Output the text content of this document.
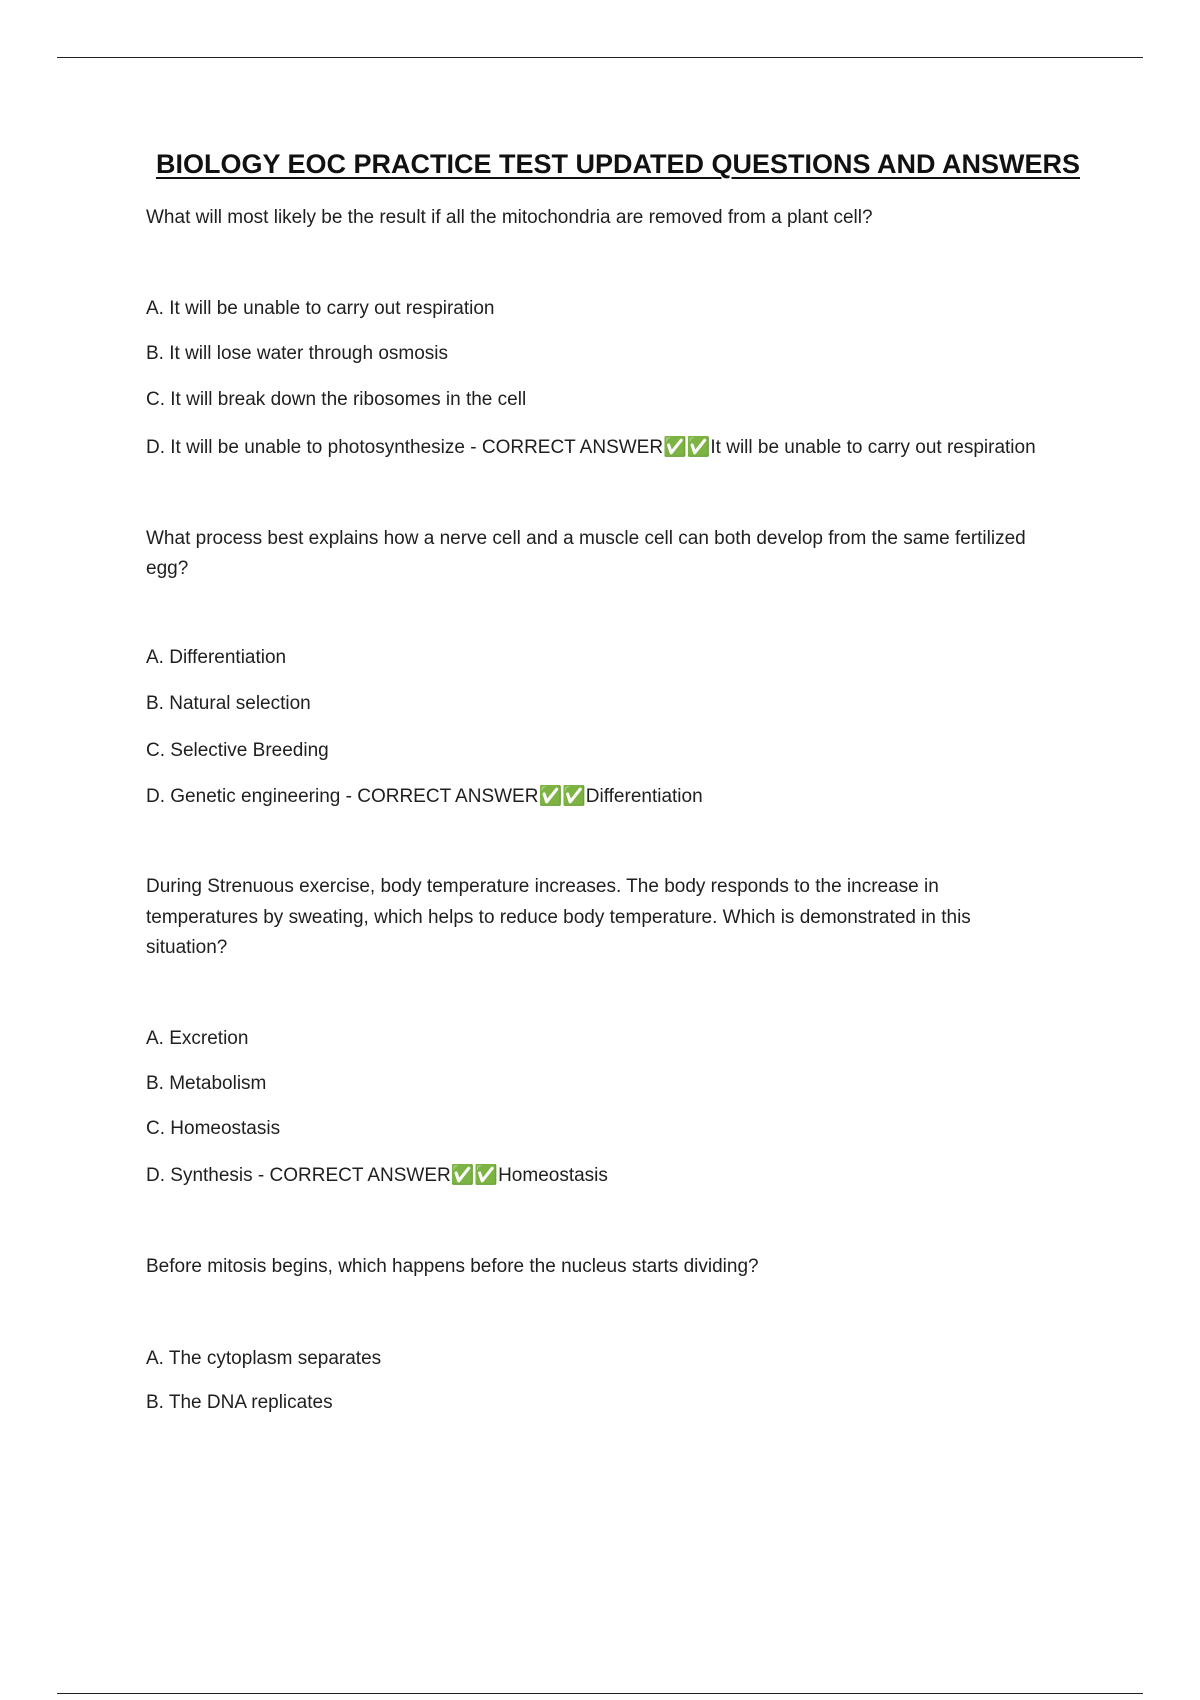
BIOLOGY EOC PRACTICE TEST UPDATED QUESTIONS AND ANSWERS
What will most likely be the result if all the mitochondria are removed from a plant cell?
A. It will be unable to carry out respiration
B. It will lose water through osmosis
C. It will break down the ribosomes in the cell
D. It will be unable to photosynthesize - CORRECT ANSWER✅✅It will be unable to carry out respiration
What process best explains how a nerve cell and a muscle cell can both develop from the same fertilized
egg?
A. Differentiation
B. Natural selection
C. Selective Breeding
D. Genetic engineering - CORRECT ANSWER✅✅Differentiation
During Strenuous exercise, body temperature increases. The body responds to the increase in
temperatures by sweating, which helps to reduce body temperature. Which is demonstrated in this
situation?
A. Excretion
B. Metabolism
C. Homeostasis
D. Synthesis - CORRECT ANSWER✅✅Homeostasis
Before mitosis begins, which happens before the nucleus starts dividing?
A. The cytoplasm separates
B. The DNA replicates
